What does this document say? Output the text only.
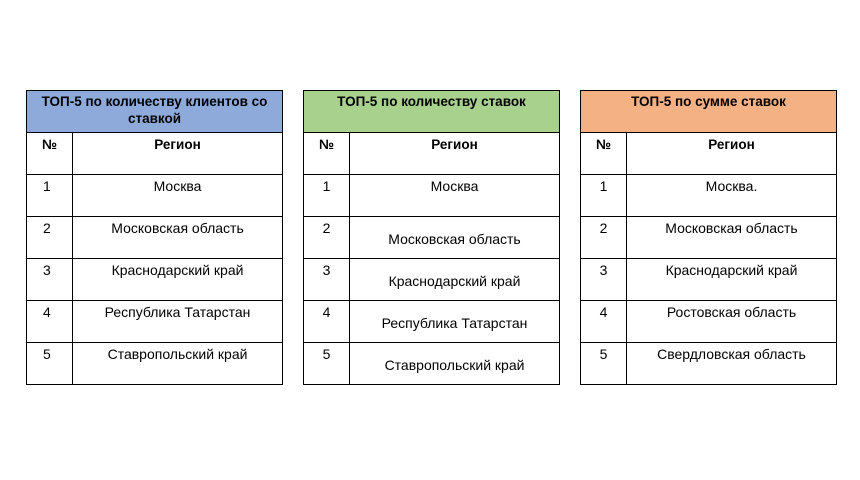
ТОП-5 по количеству клиентов со ставкой	
№	Регион
1	Москва
2	Московская область
3	Краснодарский край
4	Республика Татарстан
5	Ставропольский край
ТОП-5 по количеству ставок	
№	Регион
1	Москва
2	Московская область
3	Краснодарский край
4	Республика Татарстан
5	Ставропольский край
ТОП-5 по сумме ставок	
№	Регион
1	Москва.
2	Московская область
3	Краснодарский край
4	Ростовская область
5	Свердловская область
